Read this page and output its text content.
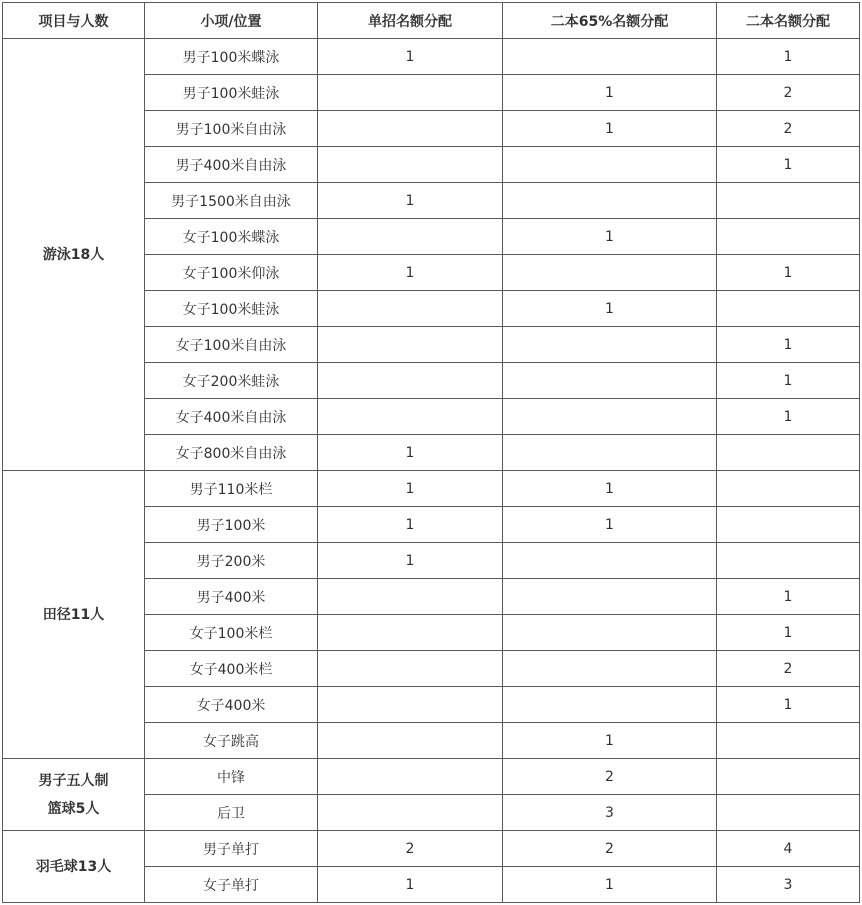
项目与人数	小项/位置	单招名额分配	二本65%名额分配	二本名额分配
游泳18人	男子100米蝶泳	1		1
	男子100米蛙泳		1	2
	男子100米自由泳		1	2
	男子400米自由泳			1
	男子1500米自由泳	1		
	女子100米蝶泳		1	
	女子100米仰泳	1		1
	女子100米蛙泳		1	
	女子100米自由泳			1
	女子200米蛙泳			1
	女子400米自由泳			1
	女子800米自由泳	1		
田径11人	男子110米栏	1	1	
	男子100米	1	1	
	男子200米	1		
	男子400米			1
	女子100米栏			1
	女子400米栏			2
	女子400米			1
	女子跳高		1	
男子五人制
篮球5人	中锋		2	
	后卫		3	
羽毛球13人	男子单打	2	2	4
	女子单打	1	1	3
